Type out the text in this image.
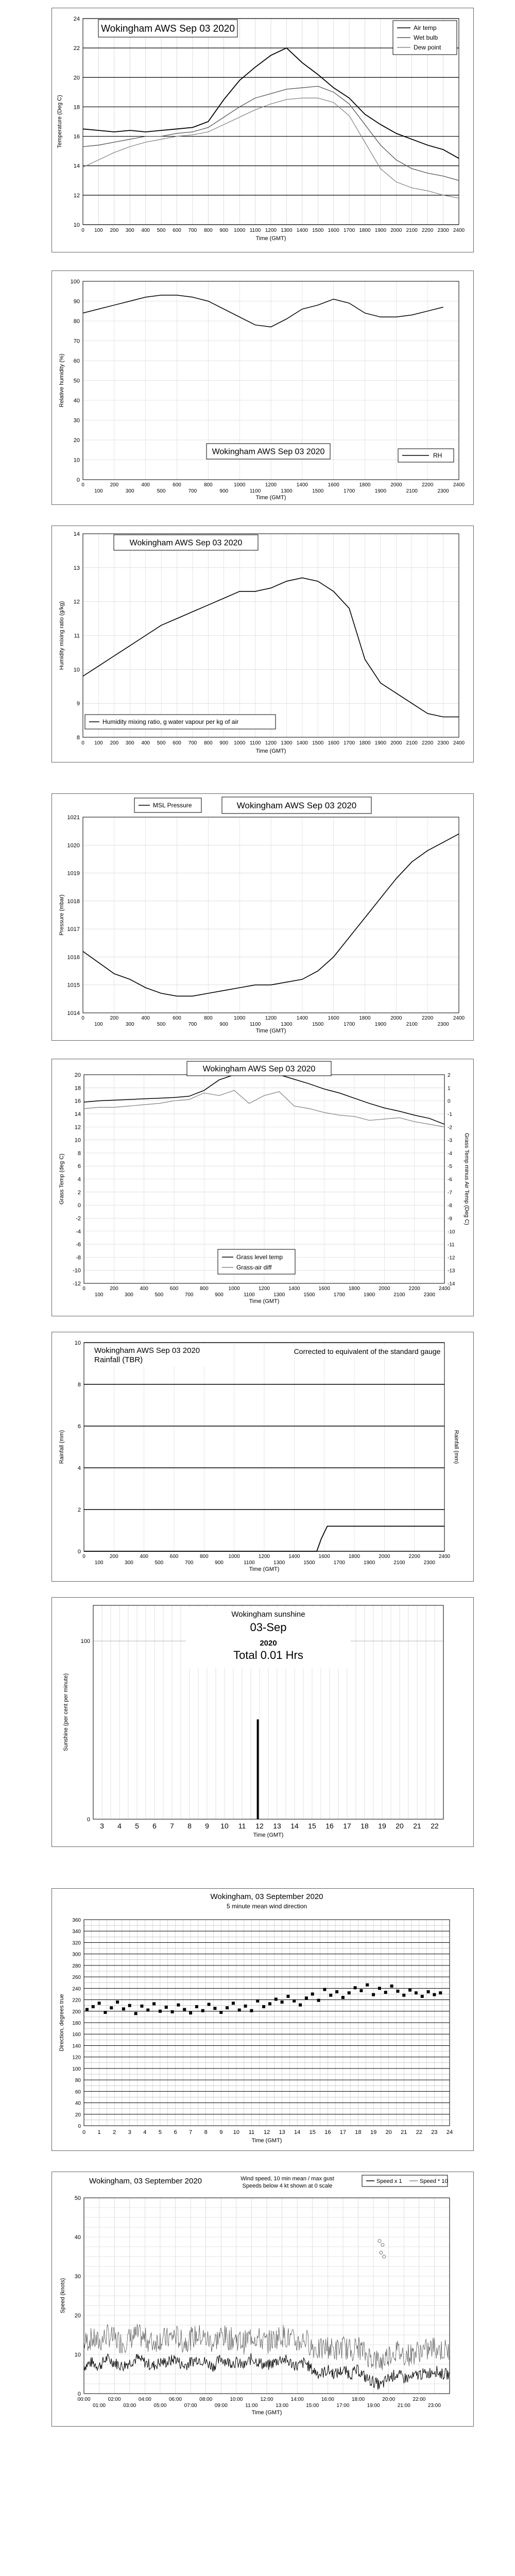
10
12
14
16
18
20
22
24
0 100 200 300 400 500 600 700 800 900 1000 1100 1200 1300 1400 1500 1600 1700 1800 1900 2000 2100 2200 2300 2400
Time (GMT)
Temperature (Deg C)
Wokingham AWS Sep 03 2020	Air temp
Wet bulb
Dew point
0
10
20
30
40
50
60
70
80
90
100
0	200	400	600	800	1000	1200	1400	1600	1800	2000	2200	2400
100	300	500	700	900	1100	1300	1500	1700	1900	2100	2300
Time (GMT)
Relative humidity (%)
Wokingham AWS Sep 03 2020	RH
8
9
10
11
12
13
14
0 100 200 300 400 500 600 700 800 900 1000 1100 1200 1300 1400 1500 1600 1700 1800 1900 2000 2100 2200 2300 2400
Time (GMT)
Humidity mixing ratio (g/kg)
Wokingham AWS Sep 03 2020
Humidity mixing ratio, g water vapour per kg of air
1014
1015
1016
1017
1018
1019
1020
1021
0	200	400	600	800	1000	1200	1400	1600	1800	2000	2200	2400
100	300	500	700	900	1100	1300	1500	1700	1900	2100	2300
Time (GMT)
Pressure (mbar)
MSL Pressure	Wokingham AWS Sep 03 2020
-12
-10
-8
-6
-4
-2
0
2
4
6
8
10
12
14
16
18
20
-14
-13
-12
-11
-10
-9
-8
-7
-6
-5
-4
-3
-2
-1
0
1
2
0	200	400	600	800	1000	1200	1400	1600	1800	2000	2200	2400
100	300	500	700	900	1100	1300	1500	1700	1900	2100	2300
Time (GMT)
Grass Temp (deg C)	Grass Temp minus Air Temp (Deg C)
Wokingham AWS Sep 03 2020
Grass level temp
Grass-air diff
0
2
4
6
8
10
0	200	400	600	800	1000	1200	1400	1600	1800	2000	2200	2400
100	300	500	700	900	1100	1300	1500	1700	1900	2100	2300
Time (GMT)
Rainfall (mm)	Rainfall (mm)
Wokingham AWS Sep 03 2020
Rainfall (TBR)
Corrected to equivalent of the standard gauge
0
100
3 4 5 6 7 8 9 10 11 12 13 14 15 16 17 18 19 20 21 22
Time (GMT)
Sunshine (per cent per minute)
Wokingham sunshine
03-Sep
2020
Total 0.01 Hrs
0
20
40
60
80
100
120
140
160
180
200
220
240
260
280
300
320
340
360
0 1 2 3 4 5 6 7 8 9 10 11 12 13 14 15 16 17 18 19 20 21 22 23 24
Time (GMT)
Direction, degrees true
Wokingham, 03 September 2020
5 minute mean wind direction
0
10
20
30
40
50
00:00	02:00	04:00	06:00	08:00	10:00	12:00	14:00	16:00	18:00	20:00	22:00
01:00	03:00	05:00	07:00	09:00	11:00	13:00	15:00	17:00	19:00	21:00	23:00
Time (GMT)
Speed (knots)
Wokingham, 03 September 2020	Wind speed, 10 min mean / max gust
Speeds below 4 kt shown at 0 scale
Speed x 1	Speed * 10
